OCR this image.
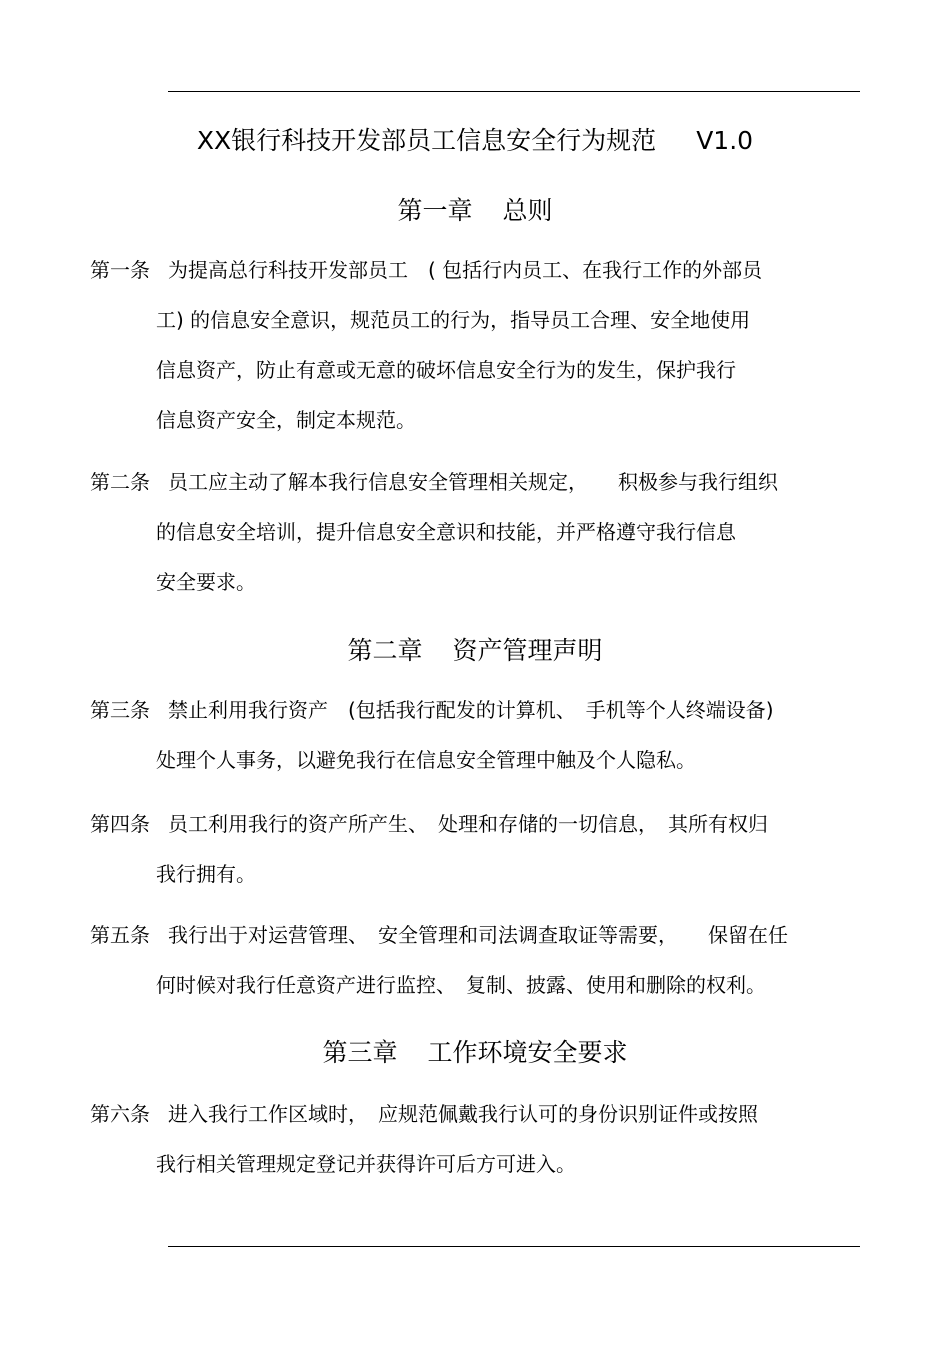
XX银行科技开发部员工信息安全行为规范 V1.0
第一章 总则
第一条 为提高总行科技开发部员工　( 包括行内员工、在我行工作的外部员
工) 的信息安全意识，规范员工的行为，指导员工合理、安全地使用
信息资产，防止有意或无意的破坏信息安全行为的发生，保护我行
信息资产安全，制定本规范。
第二条 员工应主动了解本我行信息安全管理相关规定，　　积极参与我行组织
的信息安全培训，提升信息安全意识和技能，并严格遵守我行信息
安全要求。
第二章 资产管理声明
第三条 禁止利用我行资产　(包括我行配发的计算机、　手机等个人终端设备)
处理个人事务，以避免我行在信息安全管理中触及个人隐私。
第四条 员工利用我行的资产所产生、　处理和存储的一切信息，　其所有权归
我行拥有。
第五条 我行出于对运营管理、　安全管理和司法调查取证等需要，　　保留在任
何时候对我行任意资产进行监控、　复制、披露、使用和删除的权利。
第三章 工作环境安全要求
第六条 进入我行工作区域时，　应规范佩戴我行认可的身份识别证件或按照
我行相关管理规定登记并获得许可后方可进入。
